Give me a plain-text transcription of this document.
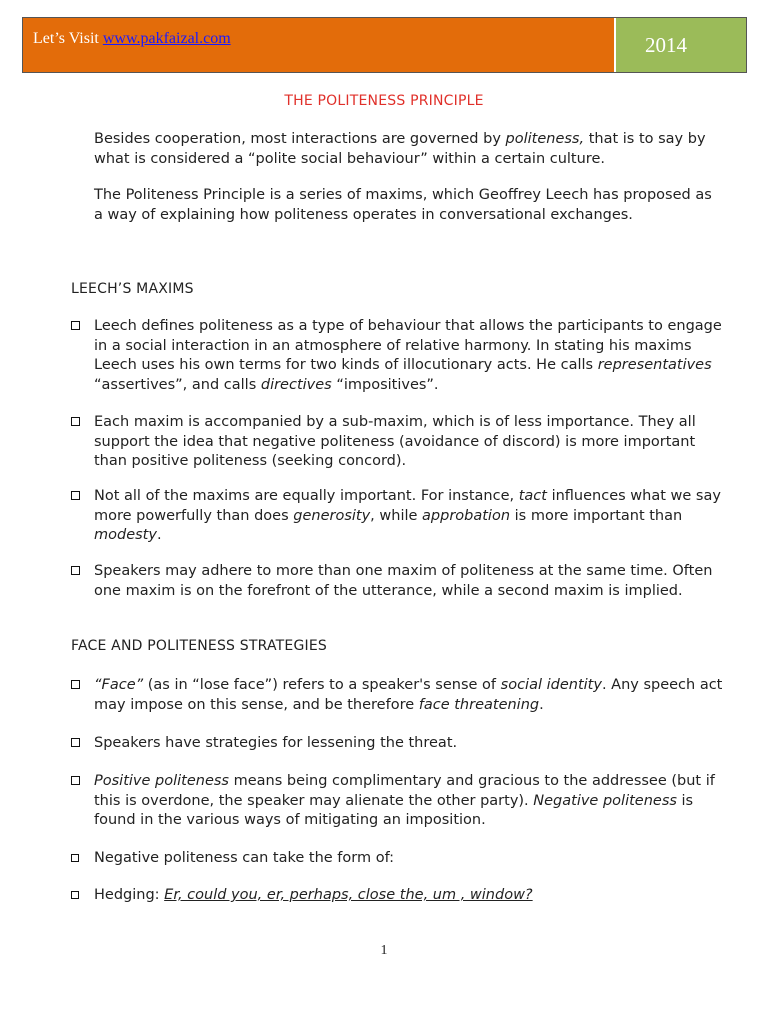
Let’s Visit www.pakfaizal.com	2014
THE POLITENESS PRINCIPLE
Besides cooperation, most interactions are governed by politeness, that is to say by what is considered a “polite social behaviour” within a certain culture.
The Politeness Principle is a series of maxims, which Geoffrey Leech has proposed as a way of explaining how politeness operates in conversational exchanges.
LEECH’S MAXIMS
Leech defines politeness as a type of behaviour that allows the participants to engage in a social interaction in an atmosphere of relative harmony. In stating his maxims Leech uses his own terms for two kinds of illocutionary acts. He calls representatives “assertives”, and calls directives “impositives”.
Each maxim is accompanied by a sub-maxim, which is of less importance. They all support the idea that negative politeness (avoidance of discord) is more important than positive politeness (seeking concord).
Not all of the maxims are equally important. For instance, tact influences what we say more powerfully than does generosity, while approbation is more important than modesty.
Speakers may adhere to more than one maxim of politeness at the same time. Often one maxim is on the forefront of the utterance, while a second maxim is implied.
FACE AND POLITENESS STRATEGIES
“Face” (as in “lose face”) refers to a speaker's sense of social identity. Any speech act may impose on this sense, and be therefore face threatening.
Speakers have strategies for lessening the threat.
Positive politeness means being complimentary and gracious to the addressee (but if this is overdone, the speaker may alienate the other party). Negative politeness is found in the various ways of mitigating an imposition.
Negative politeness can take the form of:
Hedging: Er, could you, er, perhaps, close the, um , window?
1
